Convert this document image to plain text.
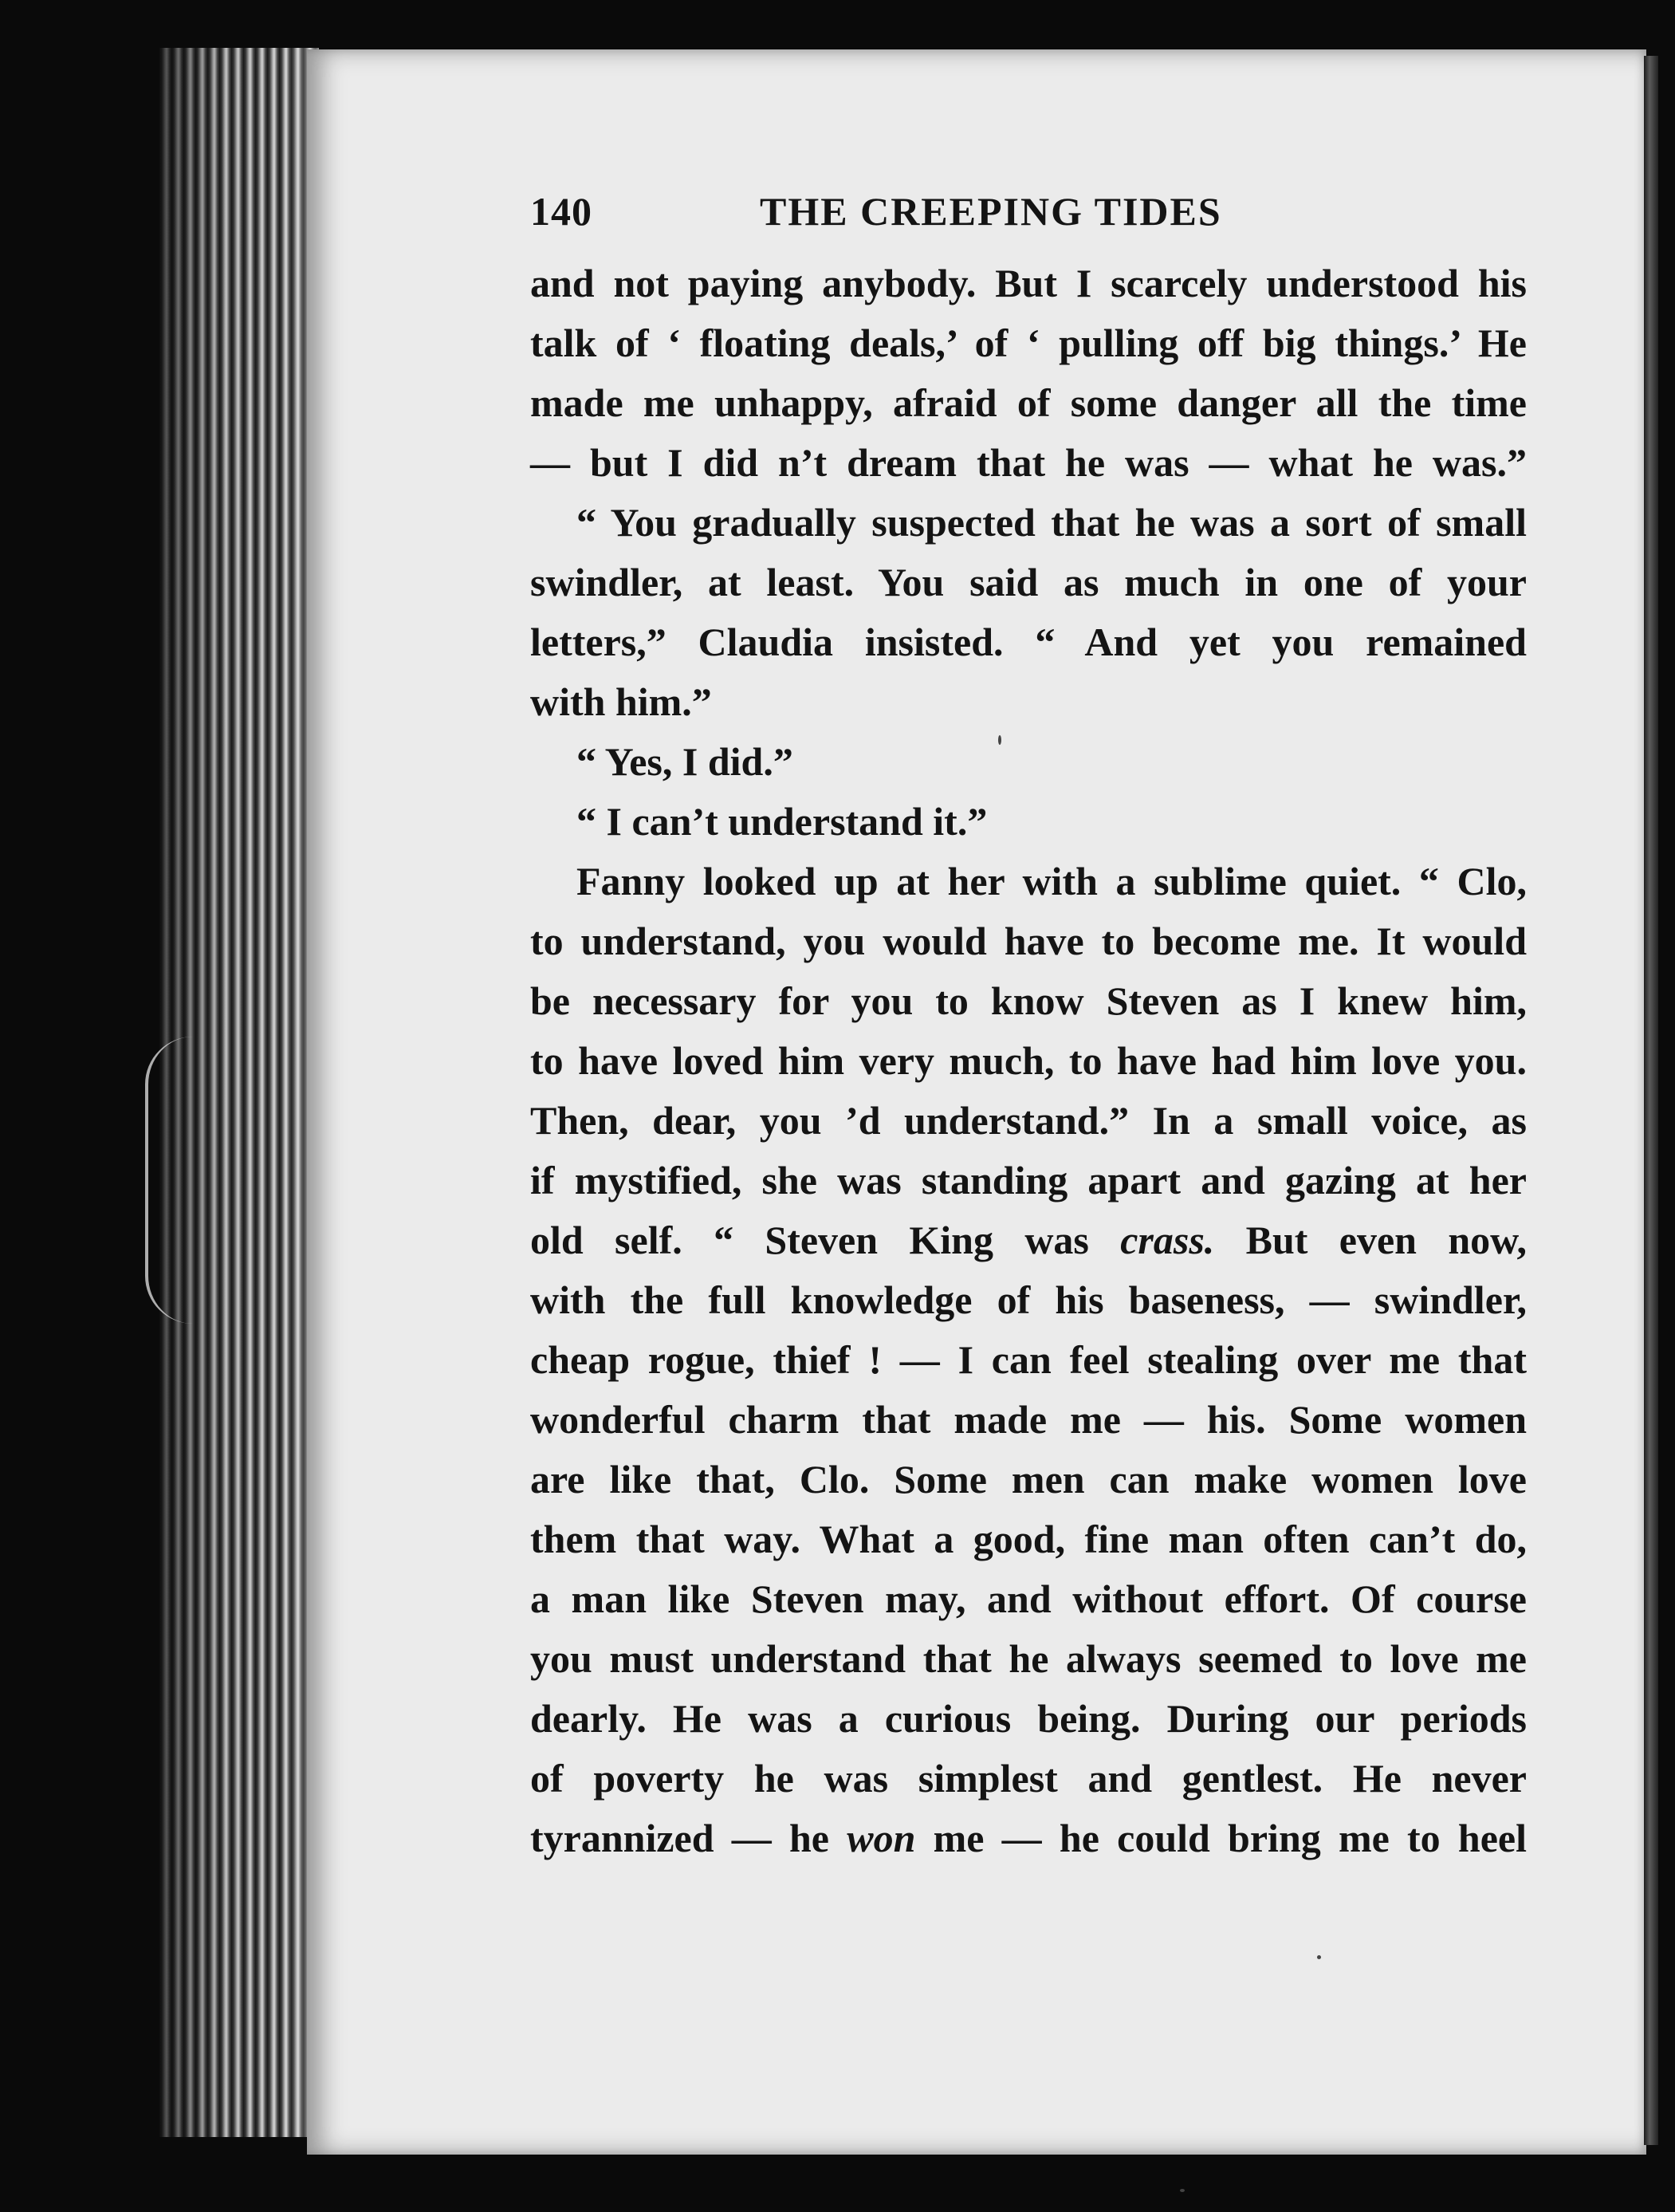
140	THE CREEPING TIDES
and not paying anybody. But I scarcely understood his
talk of ‘ floating deals,’ of ‘ pulling off big things.’ He
made me unhappy, afraid of some danger all the time
— but I did n’t dream that he was — what he was.”
“ You gradually suspected that he was a sort of small
swindler, at least. You said as much in one of your
letters,” Claudia insisted. “ And yet you remained
with him.”
“ Yes, I did.”
“ I can’t understand it.”
Fanny looked up at her with a sublime quiet. “ Clo,
to understand, you would have to become me. It would
be necessary for you to know Steven as I knew him,
to have loved him very much, to have had him love you.
Then, dear, you ’d understand.” In a small voice, as
if mystified, she was standing apart and gazing at her
old self. “ Steven King was crass. But even now,
with the full knowledge of his baseness, — swindler,
cheap rogue, thief ! — I can feel stealing over me that
wonderful charm that made me — his. Some women
are like that, Clo. Some men can make women love
them that way. What a good, fine man often can’t do,
a man like Steven may, and without effort. Of course
you must understand that he always seemed to love me
dearly. He was a curious being. During our periods
of poverty he was simplest and gentlest. He never
tyrannized — he won me — he could bring me to heel
